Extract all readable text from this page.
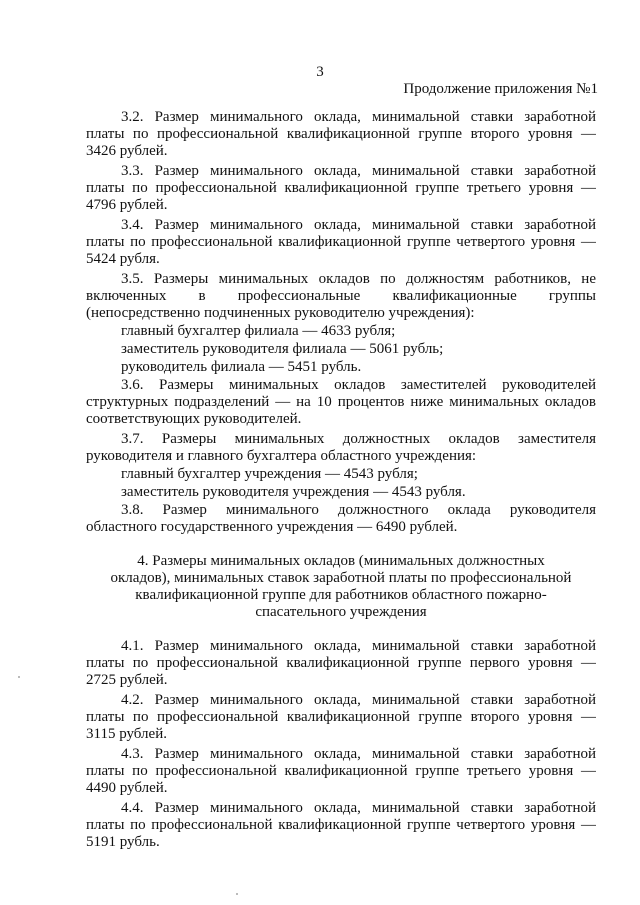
3
Продолжение приложения №1
3.2. Размер минимального оклада, минимальной ставки заработной
платы по профессиональной квалификационной группе второго уровня —
3426 рублей.
3.3. Размер минимального оклада, минимальной ставки заработной
платы по профессиональной квалификационной группе третьего уровня —
4796 рублей.
3.4. Размер минимального оклада, минимальной ставки заработной
платы по профессиональной квалификационной группе четвертого уровня —
5424 рубля.
3.5. Размеры минимальных окладов по должностям работников, не
включенных в профессиональные квалификационные группы
(непосредственно подчиненных руководителю учреждения):
главный бухгалтер филиала — 4633 рубля;
заместитель руководителя филиала — 5061 рубль;
руководитель филиала — 5451 рубль.
3.6. Размеры минимальных окладов заместителей руководителей
структурных подразделений — на 10 процентов ниже минимальных окладов
соответствующих руководителей.
3.7. Размеры минимальных должностных окладов заместителя
руководителя и главного бухгалтера областного учреждения:
главный бухгалтер учреждения — 4543 рубля;
заместитель руководителя учреждения — 4543 рубля.
3.8. Размер минимального должностного оклада руководителя
областного государственного учреждения — 6490 рублей.
4. Размеры минимальных окладов (минимальных должностных
окладов), минимальных ставок заработной платы по профессиональной
квалификационной группе для работников областного пожарно-
спасательного учреждения
4.1. Размер минимального оклада, минимальной ставки заработной
платы по профессиональной квалификационной группе первого уровня —
2725 рублей.
4.2. Размер минимального оклада, минимальной ставки заработной
платы по профессиональной квалификационной группе второго уровня —
3115 рублей.
4.3. Размер минимального оклада, минимальной ставки заработной
платы по профессиональной квалификационной группе третьего уровня —
4490 рублей.
4.4. Размер минимального оклада, минимальной ставки заработной
платы по профессиональной квалификационной группе четвертого уровня —
5191 рубль.
